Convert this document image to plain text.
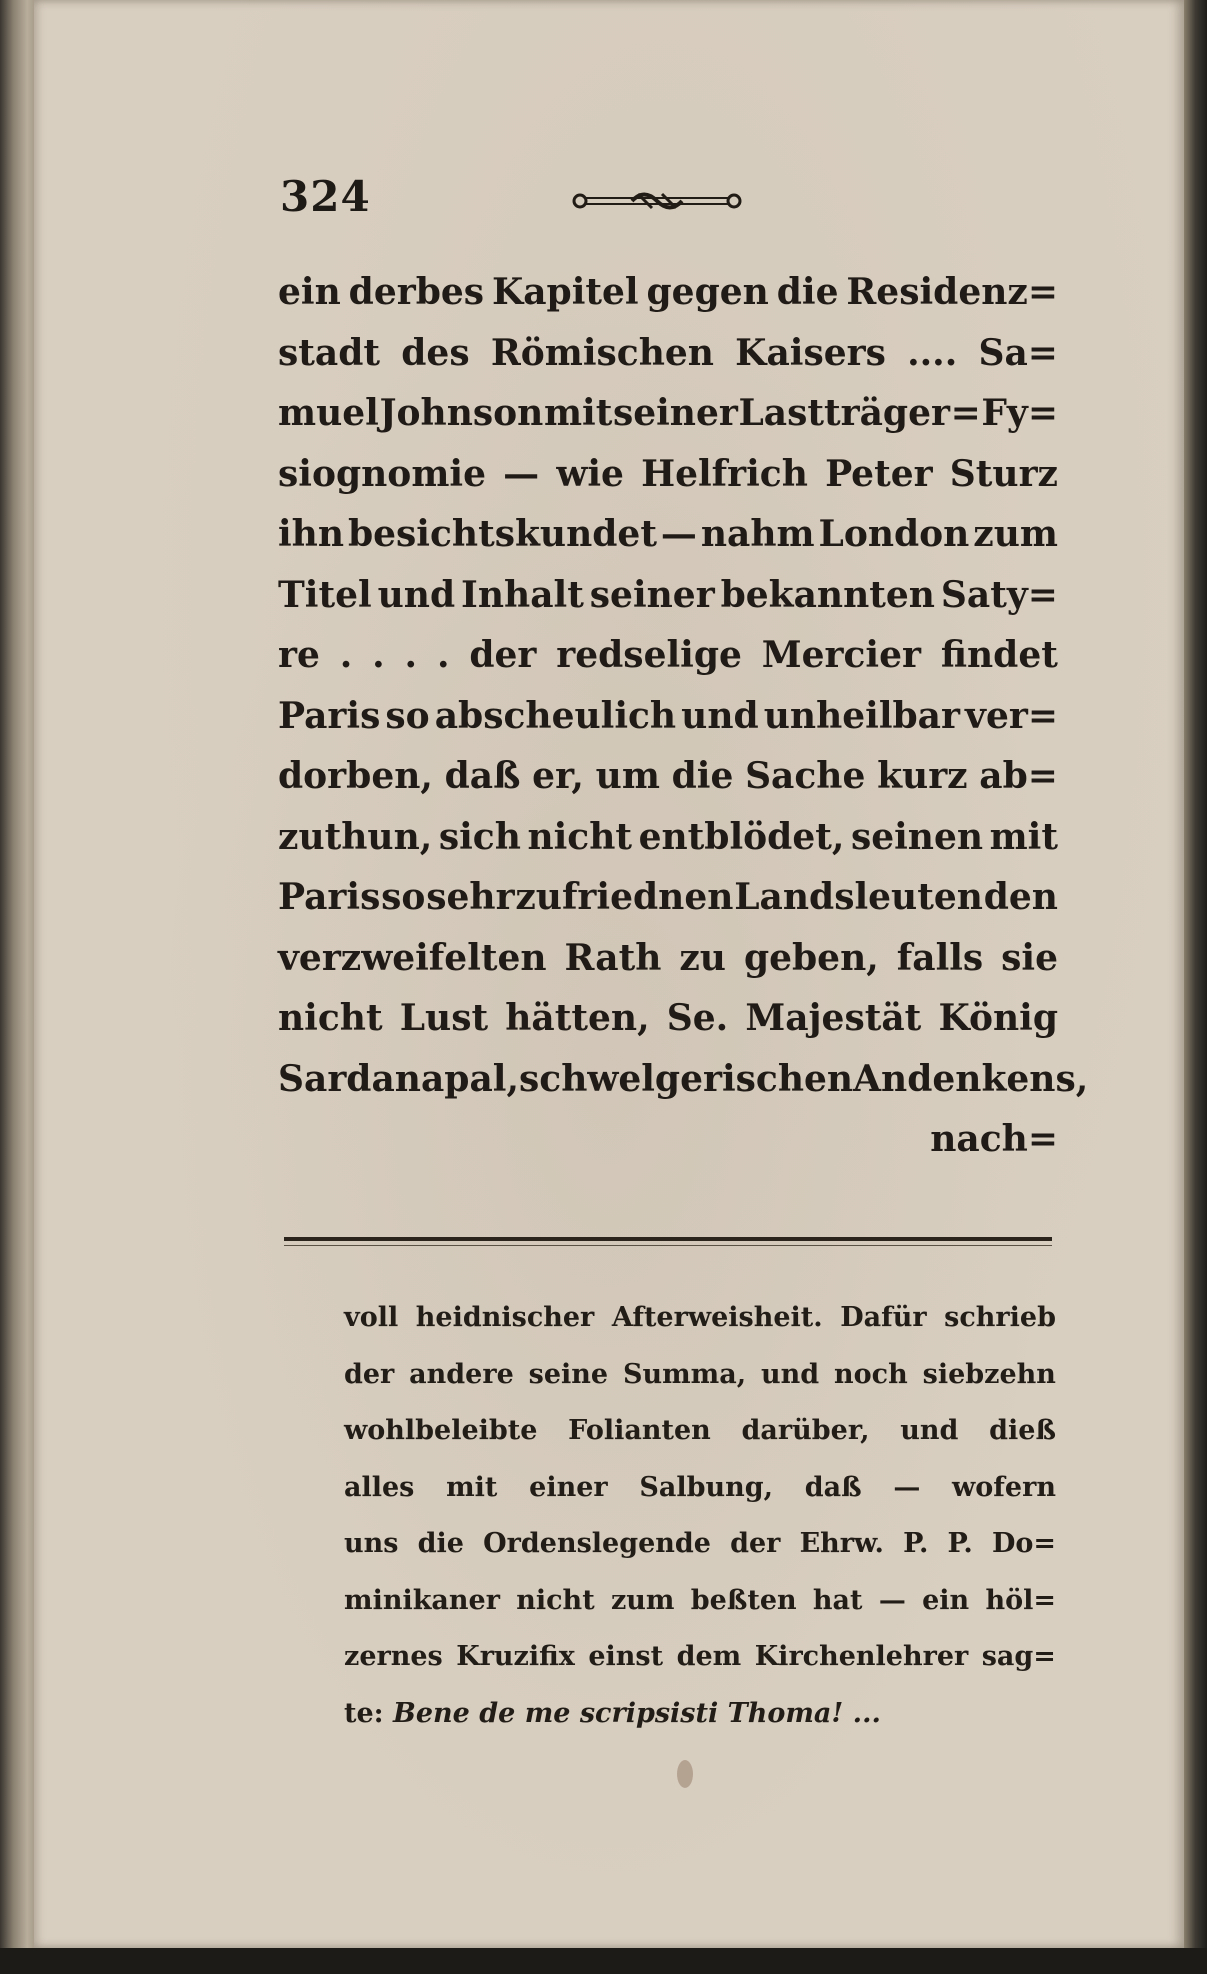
324
ein derbes Kapitel gegen die Residenz=
stadt des Römischen Kaisers .... Sa=
muel Johnson mit seiner Lastträger = Fy=
siognomie — wie Helfrich Peter Sturz
ihn besichtskundet — nahm London zum
Titel und Inhalt seiner bekannten Saty=
re . . . . der redselige Mercier findet
Paris so abscheulich und unheilbar ver=
dorben, daß er, um die Sache kurz ab=
zuthun, sich nicht entblödet, seinen mit
Paris so sehr zufriednen Landsleuten den
verzweifelten Rath zu geben, falls sie
nicht Lust hätten, Se. Majestät König
Sardanapal, schwelgerischen Andenkens,
nach=
voll heidnischer Afterweisheit. Dafür schrieb
der andere seine Summa, und noch siebzehn
wohlbeleibte Folianten darüber, und dieß
alles mit einer Salbung, daß — wofern
uns die Ordenslegende der Ehrw. P. P. Do=
minikaner nicht zum beßten hat — ein höl=
zernes Kruzifix einst dem Kirchenlehrer sag=
te: Bene de me scripsisti Thoma! ...
